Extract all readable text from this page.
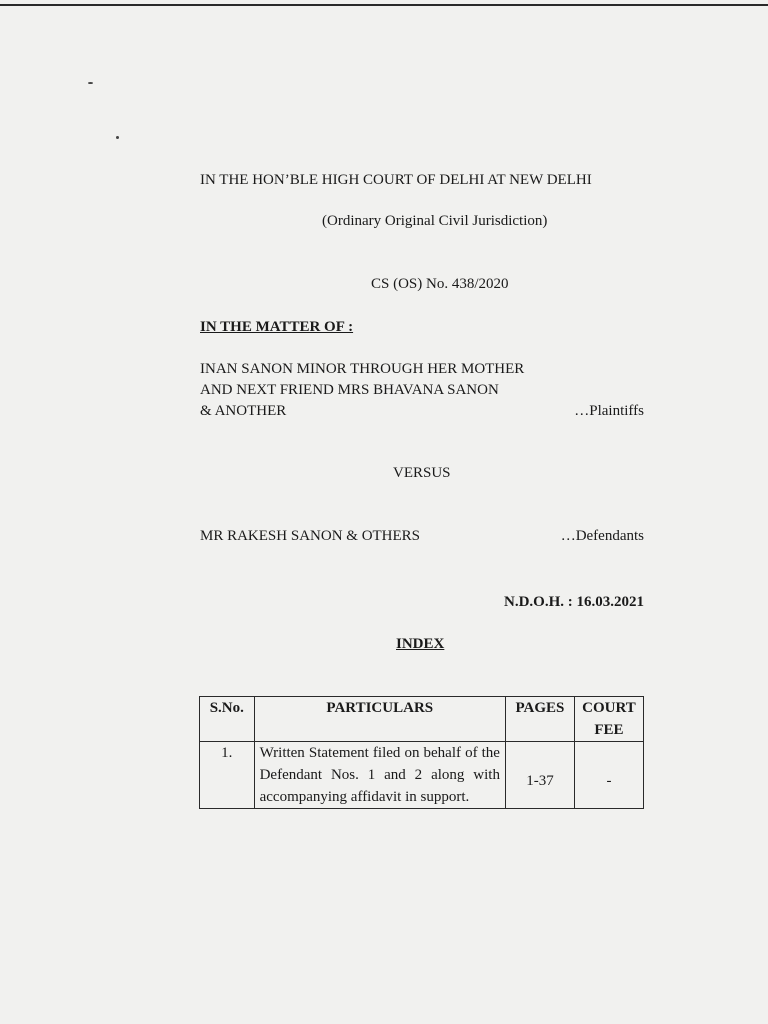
IN THE HON’BLE HIGH COURT OF DELHI AT NEW DELHI
(Ordinary Original Civil Jurisdiction)
CS (OS) No. 438/2020
IN THE MATTER OF :
INAN SANON MINOR THROUGH HER MOTHER
AND NEXT FRIEND MRS BHAVANA SANON
& ANOTHER	…Plaintiffs
VERSUS
MR RAKESH SANON & OTHERS	…Defendants
N.D.O.H. : 16.03.2021
INDEX
S.No.	PARTICULARS	PAGES	COURT FEE
1.	Written Statement filed on behalf of the Defendant Nos. 1 and 2 along with accompanying affidavit in support.	1-37	-
